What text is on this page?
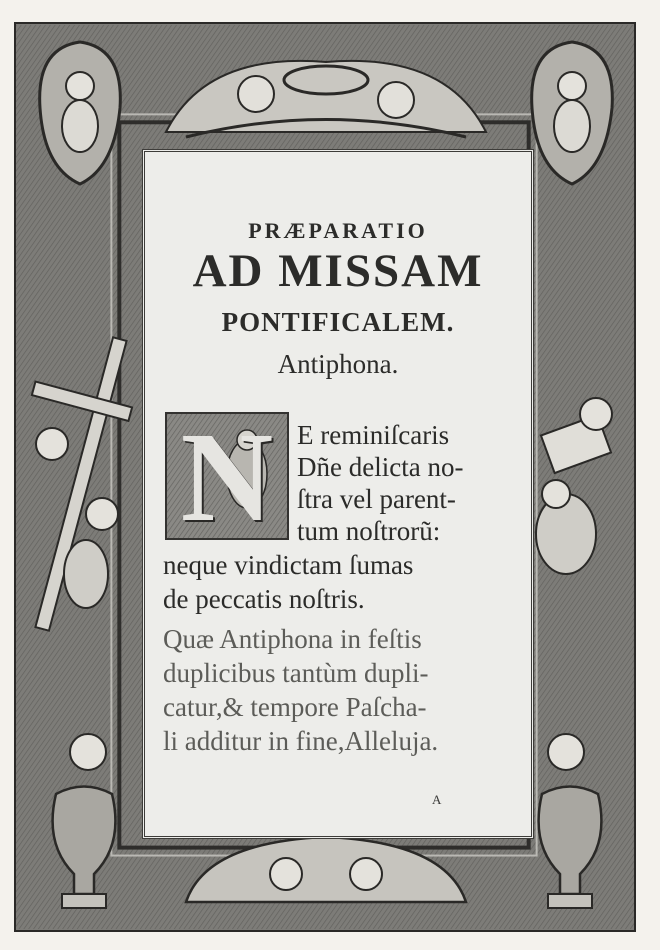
PRÆPARATIO

AD MISSAM

PONTIFICALEM.

Antiphona.

N E reminiſcaris

Dñe delicta no-

ſtra vel parent-

tum noſtrorũ:

neque vindictam ſumas

de peccatis noſtris.

Quæ Antiphona in feſtis

duplicibus tantùm dupli-

catur,& tempore Paſcha-

li additur in fine,Alleluja.

A
